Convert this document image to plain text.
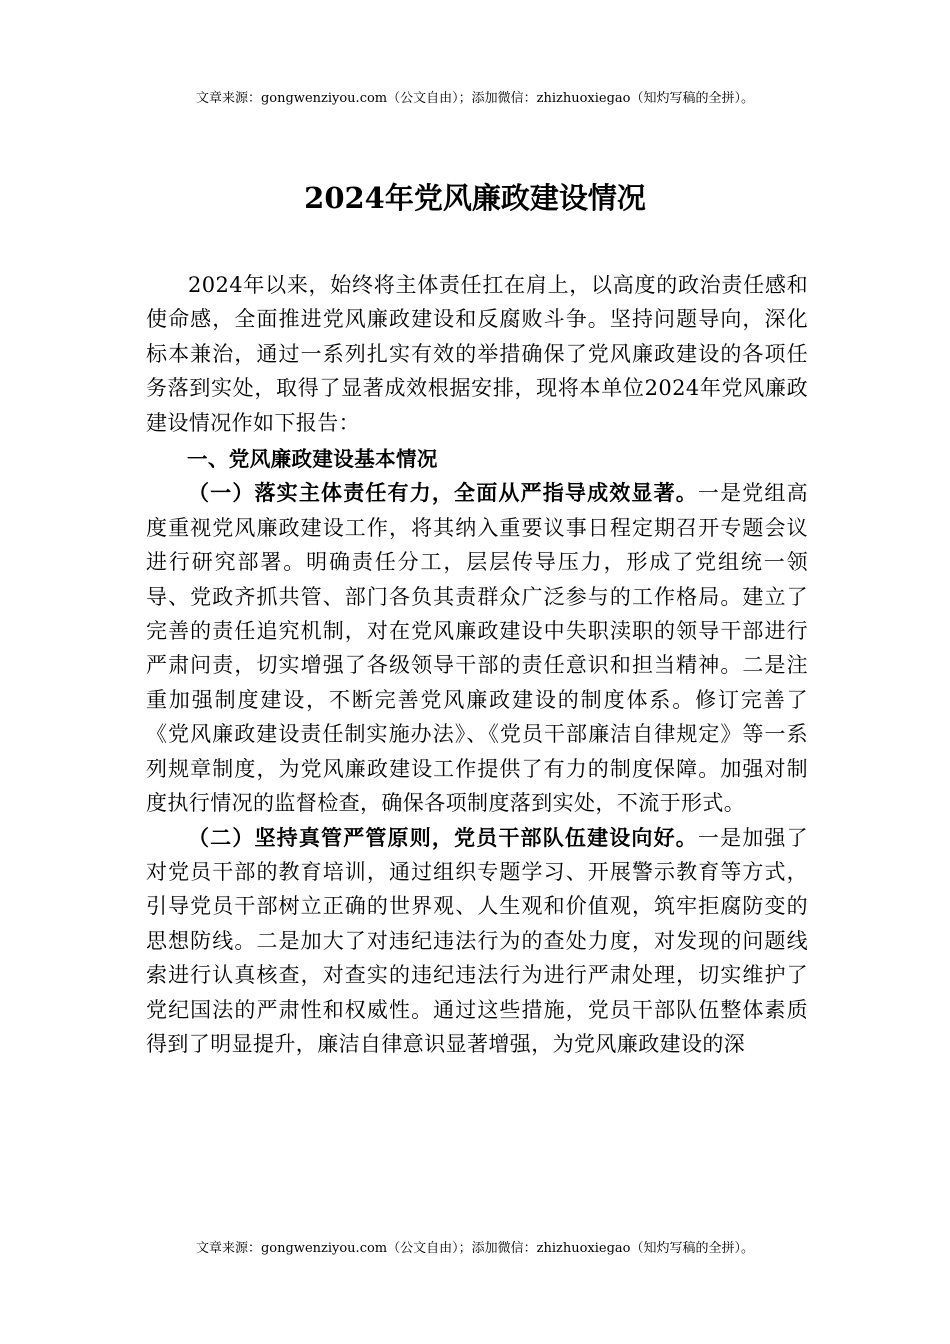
文章来源：gongwenziyou.com（公文自由）；添加微信：zhizhuoxiegao（知灼写稿的全拼）。
2024年党风廉政建设情况

2024年以来，始终将主体责任扛在肩上，以高度的政治责任感和使命感，全面推进党风廉政建设和反腐败斗争。坚持问题导向，深化标本兼治，通过一系列扎实有效的举措确保了党风廉政建设的各项任务落到实处，取得了显著成效根据安排，现将本单位2024年党风廉政建设情况作如下报告：

一、党风廉政建设基本情况

（一）落实主体责任有力，全面从严指导成效显著。一是党组高度重视党风廉政建设工作，将其纳入重要议事日程定期召开专题会议进行研究部署。明确责任分工，层层传导压力，形成了党组统一领导、党政齐抓共管、部门各负其责群众广泛参与的工作格局。建立了完善的责任追究机制，对在党风廉政建设中失职渎职的领导干部进行严肃问责，切实增强了各级领导干部的责任意识和担当精神。二是注重加强制度建设，不断完善党风廉政建设的制度体系。修订完善了《党风廉政建设责任制实施办法》、《党员干部廉洁自律规定》等一系列规章制度，为党风廉政建设工作提供了有力的制度保障。加强对制度执行情况的监督检查，确保各项制度落到实处，不流于形式。

（二）坚持真管严管原则，党员干部队伍建设向好。一是加强了对党员干部的教育培训，通过组织专题学习、开展警示教育等方式，引导党员干部树立正确的世界观、人生观和价值观，筑牢拒腐防变的思想防线。二是加大了对违纪违法行为的查处力度，对发现的问题线索进行认真核查，对查实的违纪违法行为进行严肃处理，切实维护了党纪国法的严肃性和权威性。通过这些措施，党员干部队伍整体素质得到了明显提升，廉洁自律意识显著增强，为党风廉政建设的深

文章来源：gongwenziyou.com（公文自由）；添加微信：zhizhuoxiegao（知灼写稿的全拼）。
